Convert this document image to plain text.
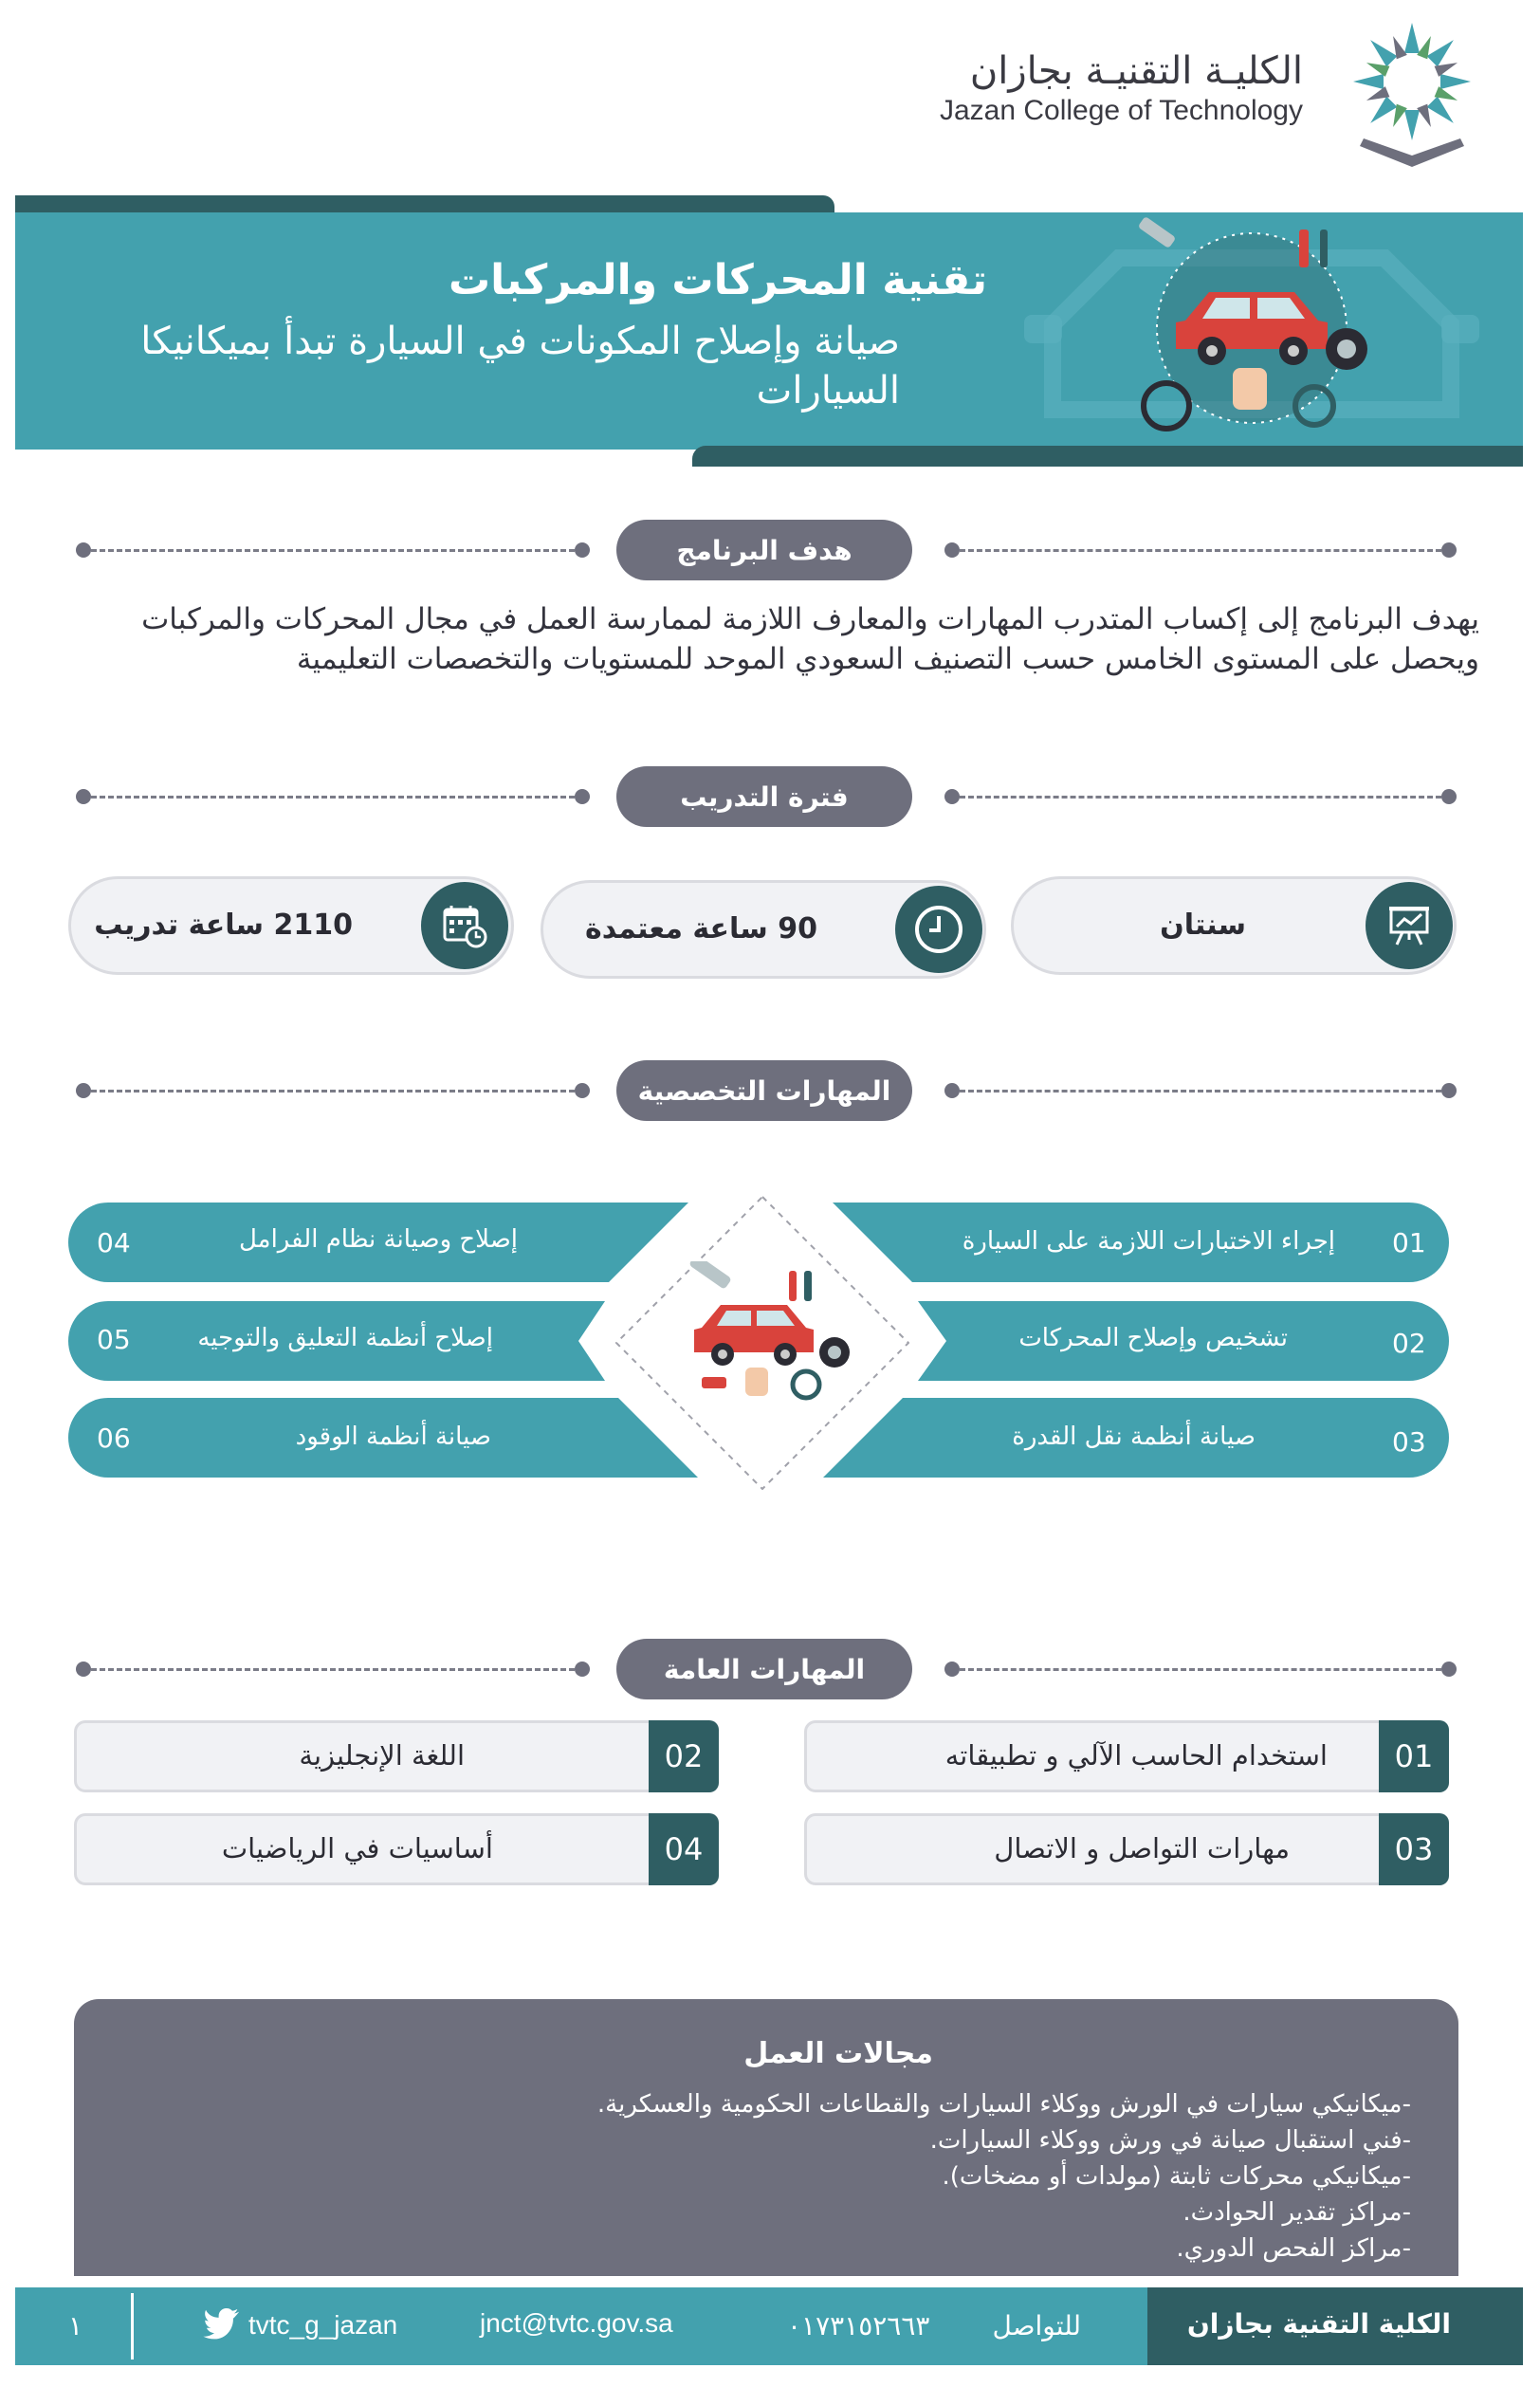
الكليـة التقنيـة بجازان
Jazan College of Technology
تقنية المحركات والمركبات
صيانة وإصلاح المكونات في السيارة تبدأ بميكانيكا السيارات
هدف البرنامج
يهدف البرنامج إلى إكساب المتدرب المهارات والمعارف اللازمة لممارسة العمل في مجال المحركات والمركبات ويحصل على المستوى الخامس حسب التصنيف السعودي الموحد للمستويات والتخصصات التعليمية
فترة التدريب
سنتان
90 ساعة معتمدة
2110 ساعة تدريب
المهارات التخصصية
إجراء الاختبارات اللازمة على السيارة 01
تشخيص وإصلاح المحركات	02
صيانة أنظمة نقل القدرة	03
إصلاح وصيانة نظام الفرامل
04
إصلاح أنظمة التعليق والتوجيه
05
صيانة أنظمة الوقود
06
المهارات العامة
01
استخدام الحاسب الآلي و تطبيقاته
02
اللغة الإنجليزية
03
مهارات التواصل و الاتصال
04
أساسيات في الرياضيات
مجالات العمل
-ميكانيكي سيارات في الورش ووكلاء السيارات والقطاعات الحكومية والعسكرية.
-فني استقبال صيانة في ورش ووكلاء السيارات.
-ميكانيكي محركات ثابتة (مولدات أو مضخات).
-مراكز تقدير الحوادث.
-مراكز الفحص الدوري.
الكلية التقنية بجازان
للتواصل
٠١٧٣١٥٢٦٦٣
jnct@tvtc.gov.sa
tvtc_g_jazan
١
